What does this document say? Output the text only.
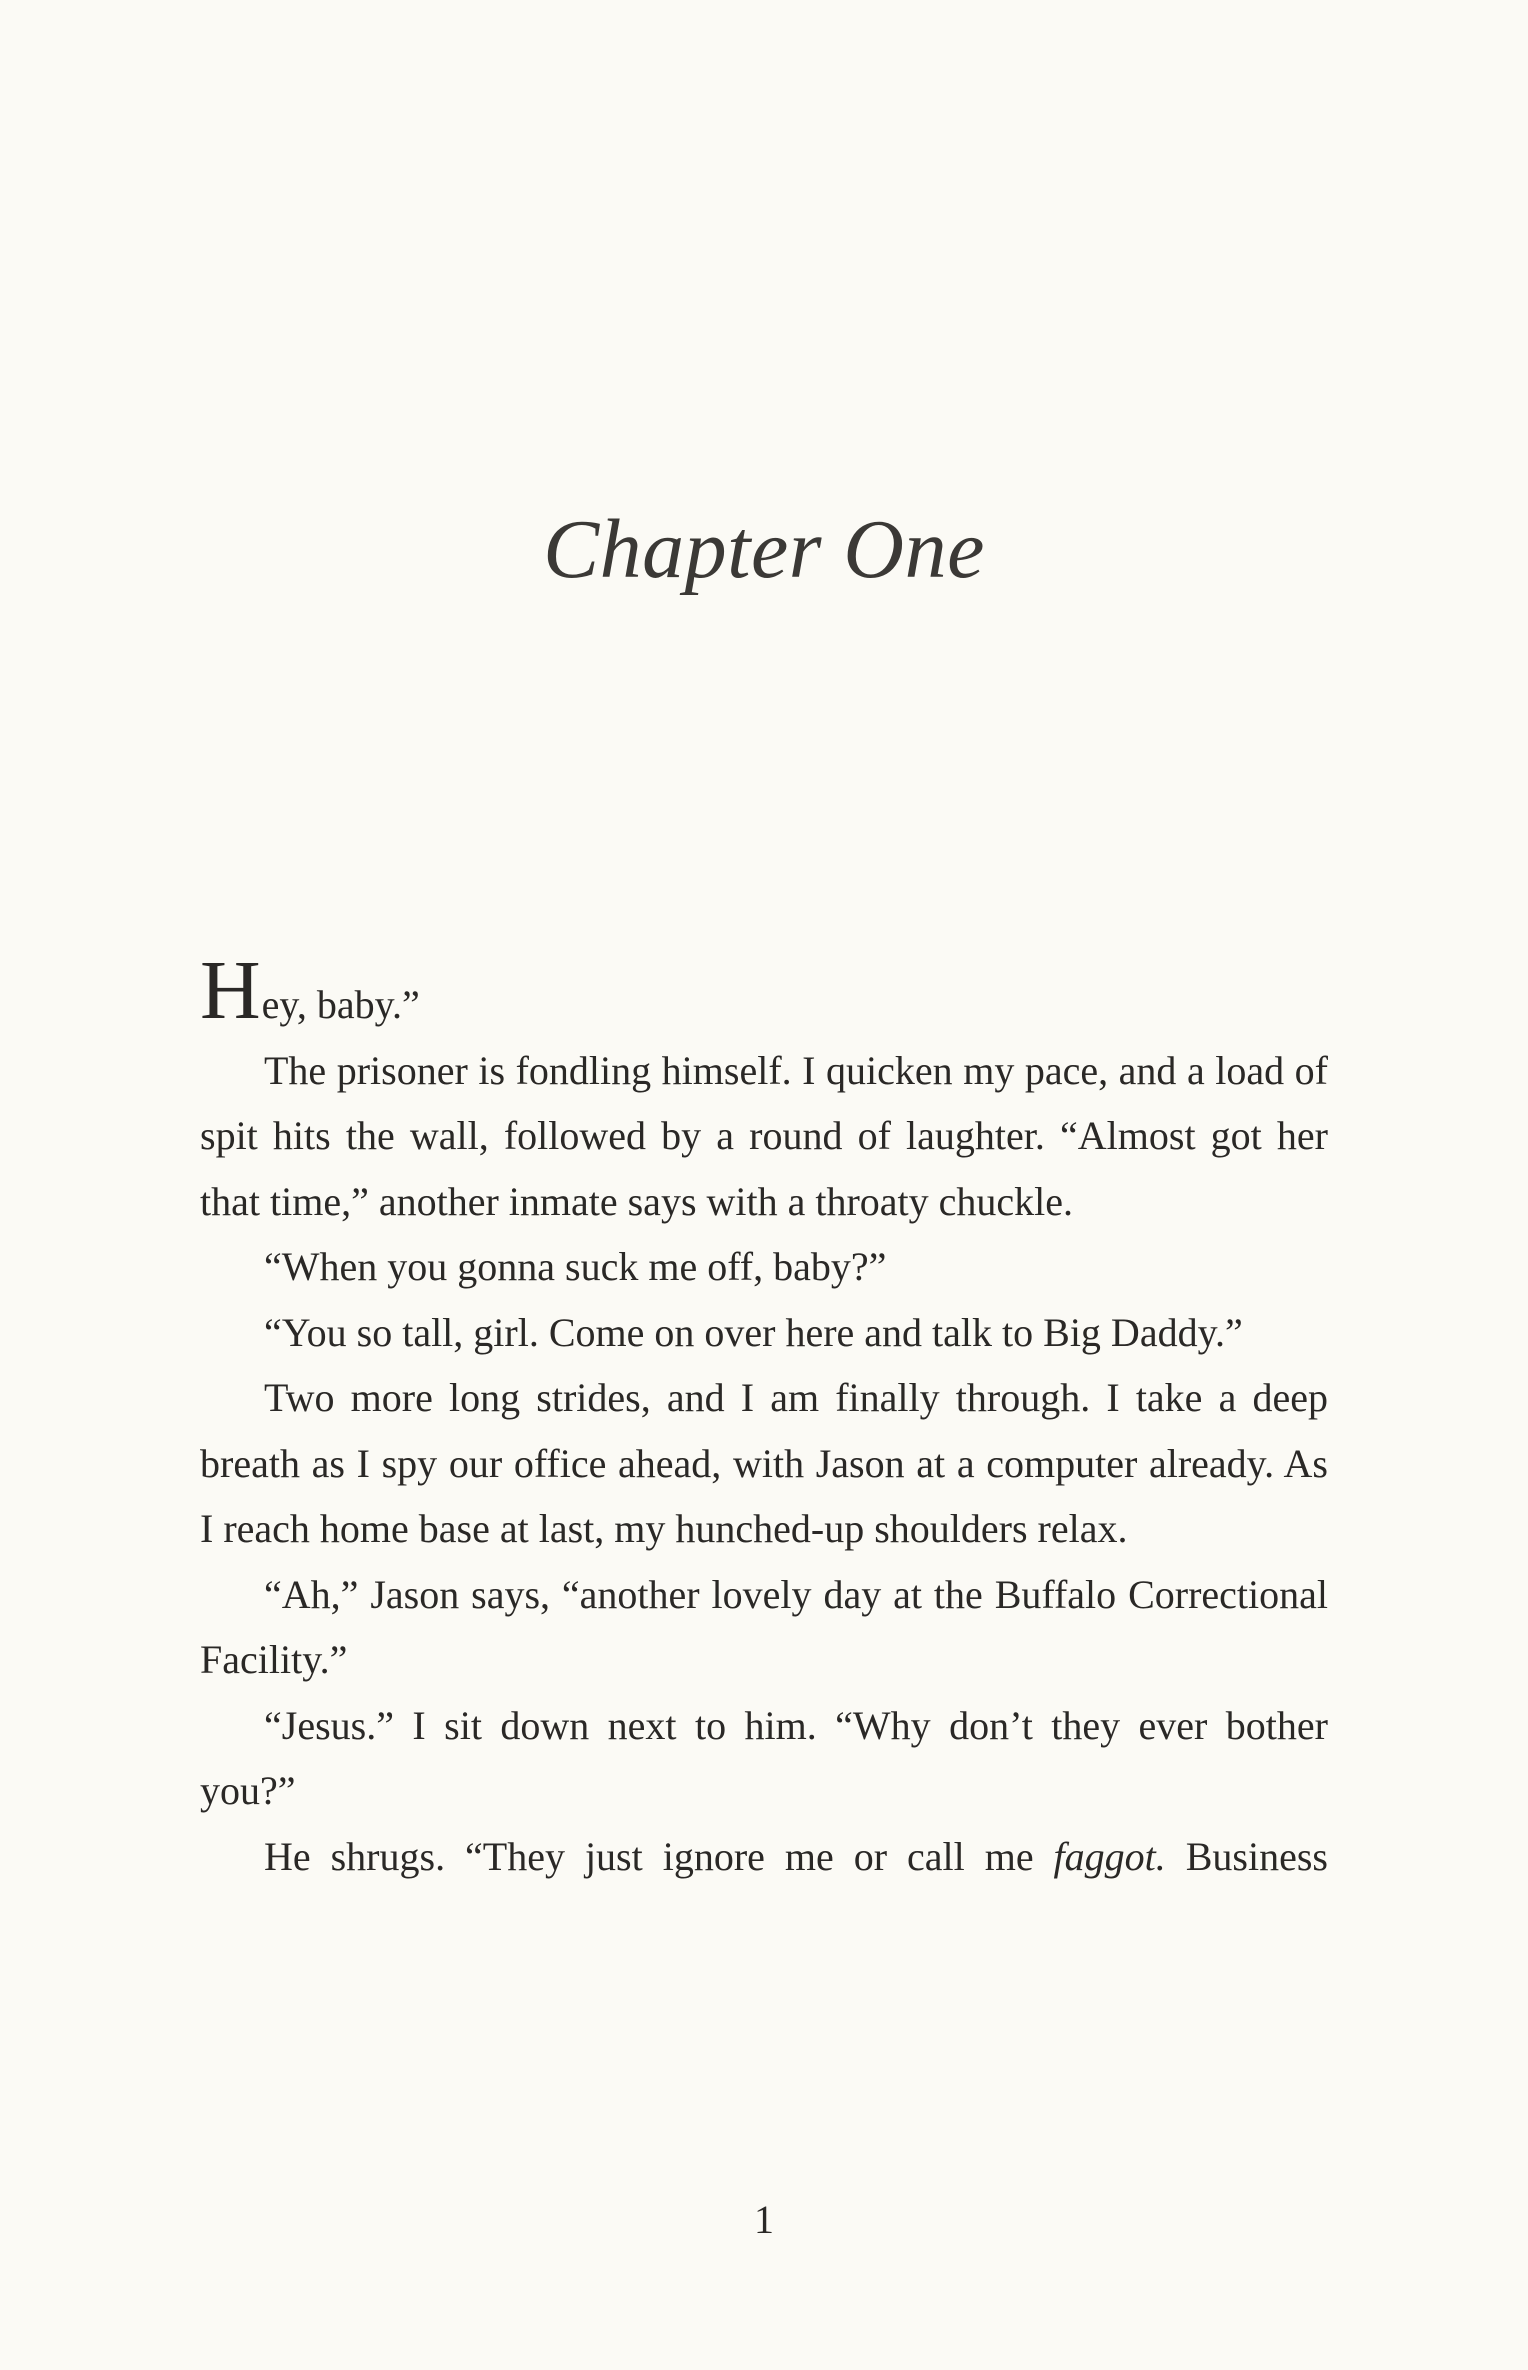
Chapter One

Hey, baby.”

The prisoner is fondling himself. I quicken my pace, and a load of spit hits the wall, followed by a round of laughter. “Almost got her that time,” another inmate says with a throaty chuckle.

“When you gonna suck me off, baby?”

“You so tall, girl. Come on over here and talk to Big Daddy.”

Two more long strides, and I am finally through. I take a deep breath as I spy our office ahead, with Jason at a computer already. As I reach home base at last, my hunched-up shoulders relax.

“Ah,” Jason says, “another lovely day at the Buffalo Correctional Facility.”

“Jesus.” I sit down next to him. “Why don’t they ever bother you?”

He shrugs. “They just ignore me or call me faggot. Business

1
